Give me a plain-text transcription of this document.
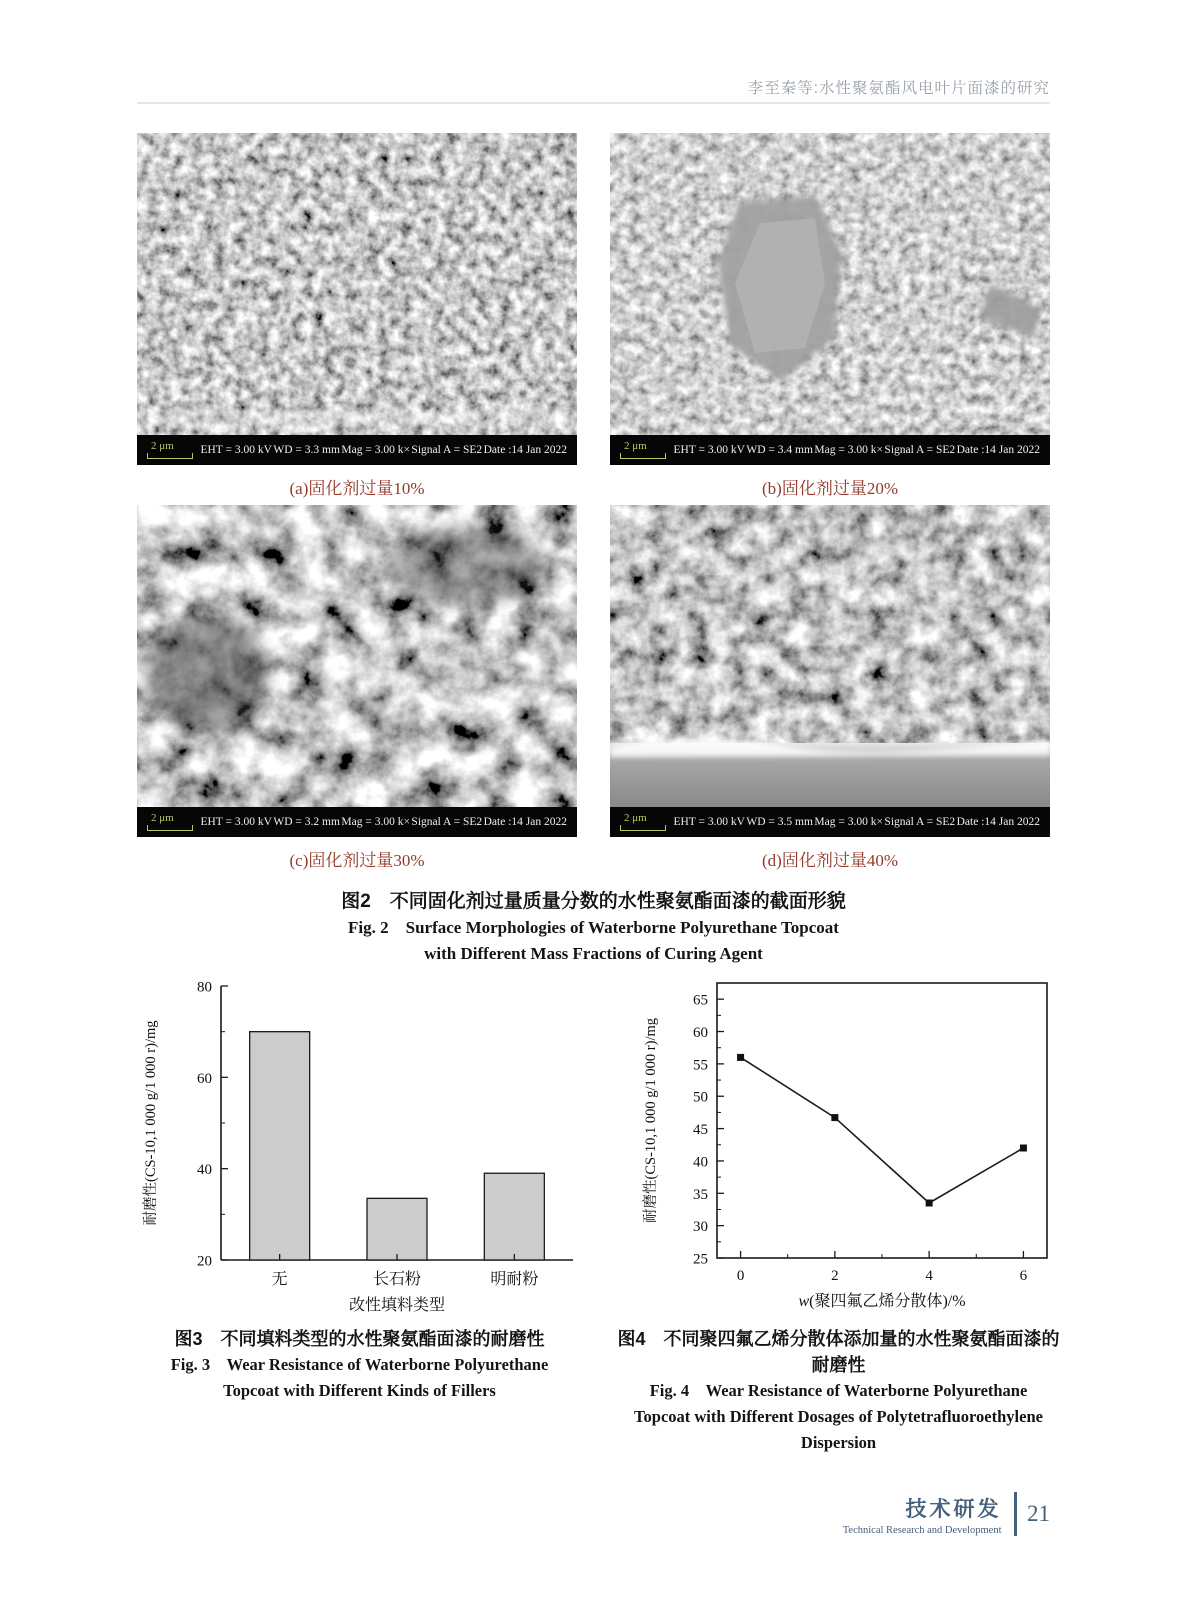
李至秦等:水性聚氨酯风电叶片面漆的研究
2 μm EHT = 3.00 kV WD = 3.3 mm Mag = 3.00 k× Signal A = SE2 Date :14 Jan 2022	2 μm EHT = 3.00 kV WD = 3.4 mm Mag = 3.00 k× Signal A = SE2 Date :14 Jan 2022
(a)固化剂过量10%	(b)固化剂过量20%
2 μm EHT = 3.00 kV WD = 3.2 mm Mag = 3.00 k× Signal A = SE2 Date :14 Jan 2022	2 μm EHT = 3.00 kV WD = 3.5 mm Mag = 3.00 k× Signal A = SE2 Date :14 Jan 2022
(c)固化剂过量30%	(d)固化剂过量40%
图2　不同固化剂过量质量分数的水性聚氨酯面漆的截面形貌
Fig. 2　Surface Morphologies of Waterborne Polyurethane Topcoat
with Different Mass Fractions of Curing Agent
20
40
60
80
无	长石粉	明耐粉
改性填料类型
耐磨性(CS-10,1 000 g/1 000 r)/mg
25
30
35
40
45
50
55
60
65
0	2	4	6
w(聚四氟乙烯分散体)/%
耐磨性(CS-10,1 000 g/1 000 r)/mg
图3　不同填料类型的水性聚氨酯面漆的耐磨性
Fig. 3　Wear Resistance of Waterborne Polyurethane
Topcoat with Different Kinds of Fillers
图4　不同聚四氟乙烯分散体添加量的水性聚氨酯面漆的
耐磨性
Fig. 4　Wear Resistance of Waterborne Polyurethane
Topcoat with Different Dosages of Polytetrafluoroethylene
Dispersion
技术研发
Technical Research and Development
21
